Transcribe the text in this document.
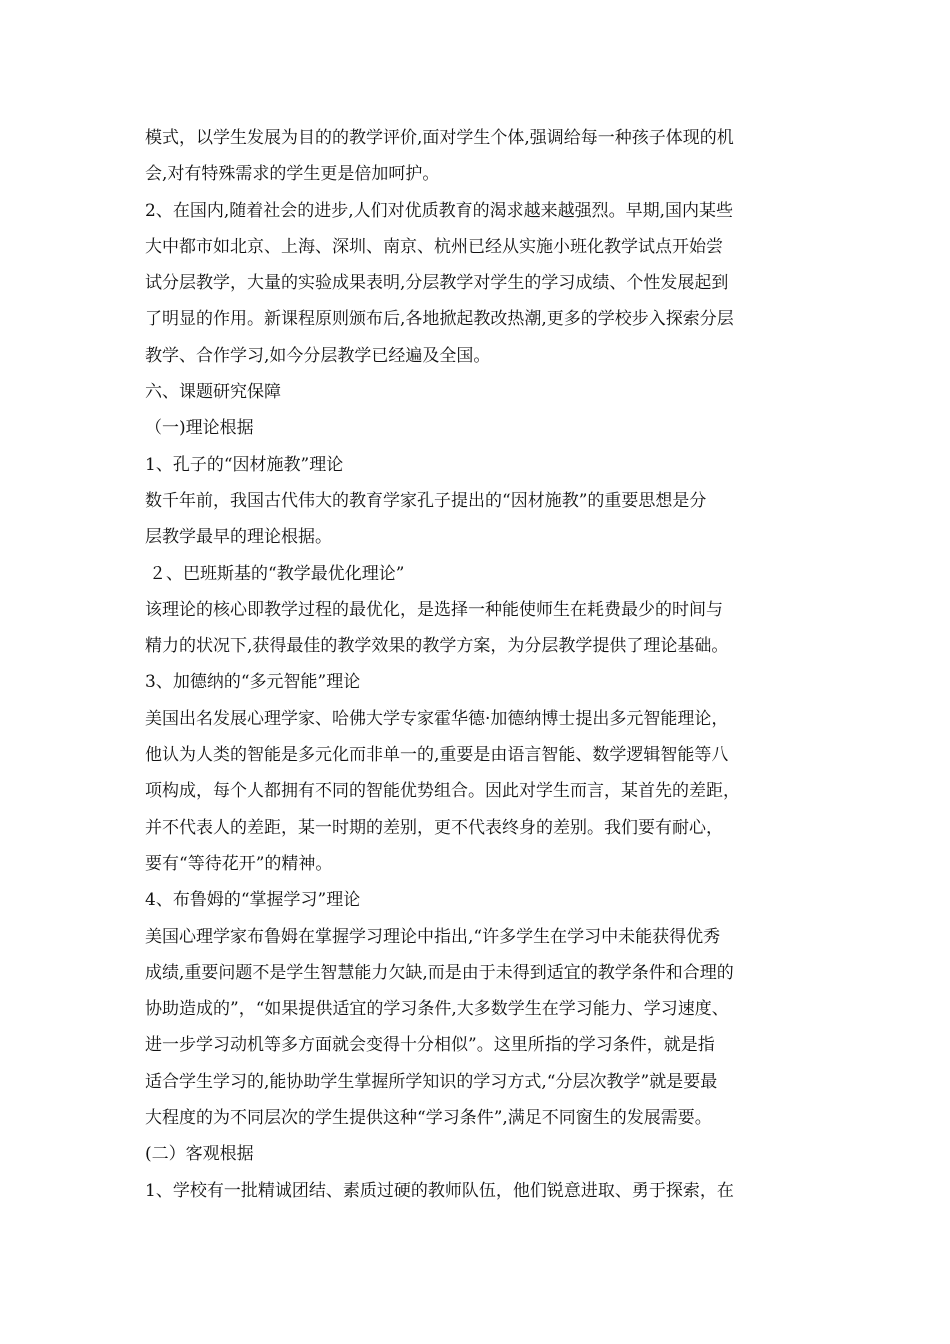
模式，以学生发展为目的的教学评价,面对学生个体,强调给每一种孩子体现的机
会,对有特殊需求的学生更是倍加呵护。
2、在国内,随着社会的进步,人们对优质教育的渴求越来越强烈。早期,国内某些
大中都市如北京、上海、深圳、南京、杭州已经从实施小班化教学试点开始尝
试分层教学，大量的实验成果表明,分层教学对学生的学习成绩、个性发展起到
了明显的作用。新课程原则颁布后,各地掀起教改热潮,更多的学校步入探索分层
教学、合作学习,如今分层教学已经遍及全国。
六、课题研究保障
（一)理论根据
1、孔子的“因材施教”理论
数千年前，我国古代伟大的教育学家孔子提出的“因材施教”的重要思想是分
层教学最早的理论根据。
２、巴班斯基的“教学最优化理论”
该理论的核心即教学过程的最优化，是选择一种能使师生在耗费最少的时间与
精力的状况下,获得最佳的教学效果的教学方案，为分层教学提供了理论基础。
3、加德纳的“多元智能”理论
美国出名发展心理学家、哈佛大学专家霍华德·加德纳博士提出多元智能理论，
他认为人类的智能是多元化而非单一的,重要是由语言智能、数学逻辑智能等八
项构成，每个人都拥有不同的智能优势组合。因此对学生而言，某首先的差距，
并不代表人的差距，某一时期的差别，更不代表终身的差别。我们要有耐心，
要有“等待花开”的精神。
4、布鲁姆的“掌握学习”理论
美国心理学家布鲁姆在掌握学习理论中指出,“许多学生在学习中未能获得优秀
成绩,重要问题不是学生智慧能力欠缺,而是由于未得到适宜的教学条件和合理的
协助造成的”，“如果提供适宜的学习条件,大多数学生在学习能力、学习速度、
进一步学习动机等多方面就会变得十分相似”。这里所指的学习条件，就是指
适合学生学习的,能协助学生掌握所学知识的学习方式,“分层次教学”就是要最
大程度的为不同层次的学生提供这种“学习条件”,满足不同窗生的发展需要。
(二）客观根据
1、学校有一批精诚团结、素质过硬的教师队伍，他们锐意进取、勇于探索，在
